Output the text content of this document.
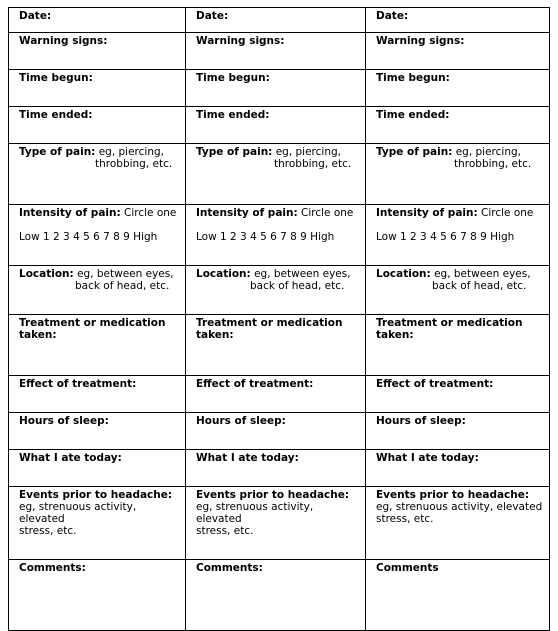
Date:	Date:	Date:
Warning signs:	Warning signs:	Warning signs:
Time begun:	Time begun:	Time begun:
Time ended:	Time ended:	Time ended:
Type of pain: eg, piercing,
throbbing, etc.	Type of pain: eg, piercing,
throbbing, etc.	Type of pain: eg, piercing,
throbbing, etc.

Intensity of pain: Circle one
Low 1 2 3 4 5 6 7 8 9 High	Intensity of pain: Circle one
Low 1 2 3 4 5 6 7 8 9 High	Intensity of pain: Circle one
Low 1 2 3 4 5 6 7 8 9 High

Location: eg, between eyes,
back of head, etc.	Location: eg, between eyes,
back of head, etc.	Location: eg, between eyes,
back of head, etc.

Treatment or medication
taken:	Treatment or medication
taken:	Treatment or medication
taken:

Effect of treatment:	Effect of treatment:	Effect of treatment:
Hours of sleep:	Hours of sleep:	Hours of sleep:
What I ate today:	What I ate today:	What I ate today:

Events prior to headache:
eg, strenuous activity, elevated
stress, etc.	Events prior to headache:
eg, strenuous activity, elevated
stress, etc.	Events prior to headache:
eg, strenuous activity, elevated
stress, etc.

Comments:	Comments:	Comments
